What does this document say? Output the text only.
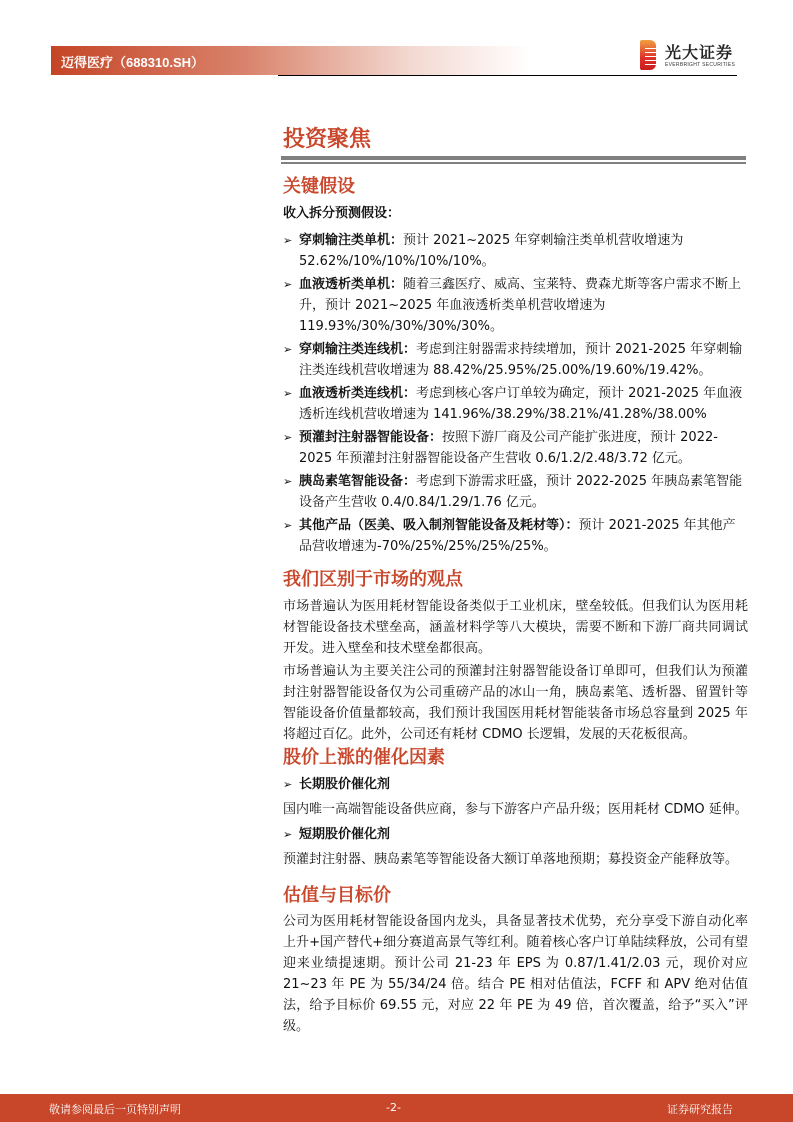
迈得医疗（688310.SH）
光大证券
EVERBRIGHT SECURITIES
投资聚焦
关键假设
收入拆分预测假设：
➢ 穿刺输注类单机：预计 2021~2025 年穿刺输注类单机营收增速为 52.62%/10%/10%/10%/10%。
➢ 血液透析类单机：随着三鑫医疗、威高、宝莱特、费森尤斯等客户需求不断上升，预计 2021~2025 年血液透析类单机营收增速为 119.93%/30%/30%/30%/30%。
➢ 穿刺输注类连线机：考虑到注射器需求持续增加，预计 2021-2025 年穿刺输注类连线机营收增速为 88.42%/25.95%/25.00%/19.60%/19.42%。
➢ 血液透析类连线机：考虑到核心客户订单较为确定，预计 2021-2025 年血液透析连线机营收增速为 141.96%/38.29%/38.21%/41.28%/38.00%
➢ 预灌封注射器智能设备：按照下游厂商及公司产能扩张进度，预计 2022-2025 年预灌封注射器智能设备产生营收 0.6/1.2/2.48/3.72 亿元。
➢ 胰岛素笔智能设备：考虑到下游需求旺盛，预计 2022-2025 年胰岛素笔智能设备产生营收 0.4/0.84/1.29/1.76 亿元。
➢ 其他产品（医美、吸入制剂智能设备及耗材等）：预计 2021-2025 年其他产品营收增速为-70%/25%/25%/25%/25%。
我们区别于市场的观点

市场普遍认为医用耗材智能设备类似于工业机床，壁垒较低。但我们认为医用耗材智能设备技术壁垒高，涵盖材料学等八大模块，需要不断和下游厂商共同调试开发。进入壁垒和技术壁垒都很高。

市场普遍认为主要关注公司的预灌封注射器智能设备订单即可，但我们认为预灌封注射器智能设备仅为公司重磅产品的冰山一角，胰岛素笔、透析器、留置针等智能设备价值量都较高，我们预计我国医用耗材智能装备市场总容量到 2025 年将超过百亿。此外，公司还有耗材 CDMO 长逻辑，发展的天花板很高。

股价上涨的催化因素
➢ 长期股价催化剂

国内唯一高端智能设备供应商，参与下游客户产品升级；医用耗材 CDMO 延伸。

➢ 短期股价催化剂

预灌封注射器、胰岛素笔等智能设备大额订单落地预期；募投资金产能释放等。

估值与目标价

公司为医用耗材智能设备国内龙头，具备显著技术优势，充分享受下游自动化率上升+国产替代+细分赛道高景气等红利。随着核心客户订单陆续释放，公司有望迎来业绩提速期。预计公司 21-23 年 EPS 为 0.87/1.41/2.03 元，现价对应 21~23 年 PE 为 55/34/24 倍。结合 PE 相对估值法，FCFF 和 APV 绝对估值法，给予目标价 69.55 元，对应 22 年 PE 为 49 倍，首次覆盖，给予“买入”评级。

敬请参阅最后一页特别声明	-2-	证券研究报告
